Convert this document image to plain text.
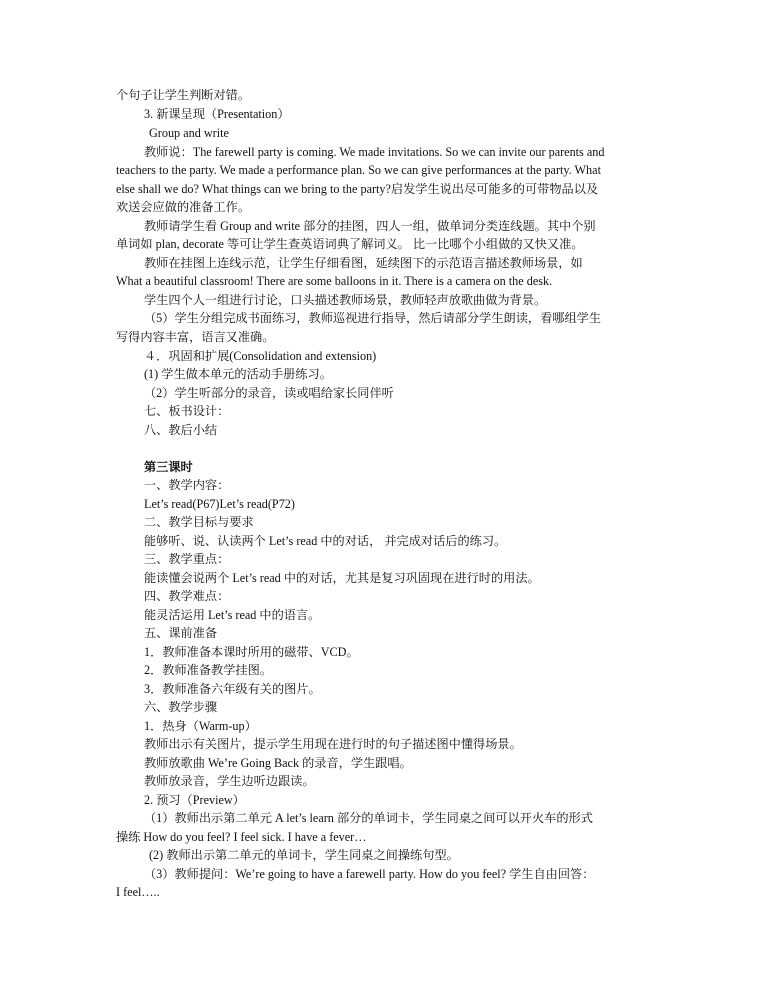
个句子让学生判断对错。
3. 新课呈现（Presentation）
Group and write
教师说：The farewell party is coming. We made invitations. So we can invite our parents and
teachers to the party. We made a performance plan. So we can give performances at the party. What
else shall we do? What things can we bring to the party?启发学生说出尽可能多的可带物品以及
欢送会应做的准备工作。
教师请学生看 Group and write 部分的挂图，四人一组，做单词分类连线题。其中个别
单词如 plan, decorate 等可让学生查英语词典了解词义。 比一比哪个小组做的又快又准。
教师在挂图上连线示范，让学生仔细看图，延续图下的示范语言描述教师场景，如
What a beautiful classroom! There are some balloons in it. There is a camera on the desk.
学生四个人一组进行讨论，口头描述教师场景，教师轻声放歌曲做为背景。
（5）学生分组完成书面练习，教师巡视进行指导，然后请部分学生朗读，看哪组学生
写得内容丰富，语言又准确。
４．巩固和扩展(Consolidation and extension)
(1) 学生做本单元的活动手册练习。
（2）学生听部分的录音，读或唱给家长同伴听
七、板书设计：
八、教后小结
第三课时
一、教学内容：
Let’s read(P67)Let’s read(P72)
二、教学目标与要求
能够听、说、认读两个 Let’s read 中的对话， 并完成对话后的练习。
三、教学重点：
能读懂会说两个 Let’s read 中的对话，尤其是复习巩固现在进行时的用法。
四、教学难点：
能灵活运用 Let’s read 中的语言。
五、课前准备
1．教师准备本课时所用的磁带、VCD。
2．教师准备教学挂图。
3．教师准备六年级有关的图片。
六、教学步骤
1．热身（Warm-up）
教师出示有关图片，提示学生用现在进行时的句子描述图中懂得场景。
教师放歌曲 We’re Going Back 的录音，学生跟唱。
教师放录音，学生边听边跟读。
2. 预习（Preview）
（1）教师出示第二单元 A let’s learn 部分的单词卡，学生同桌之间可以开火车的形式
操练 How do you feel? I feel sick. I have a fever…
(2) 教师出示第二单元的单词卡，学生同桌之间操练句型。
（3）教师提问：We’re going to have a farewell party. How do you feel? 学生自由回答：
I feel…..
